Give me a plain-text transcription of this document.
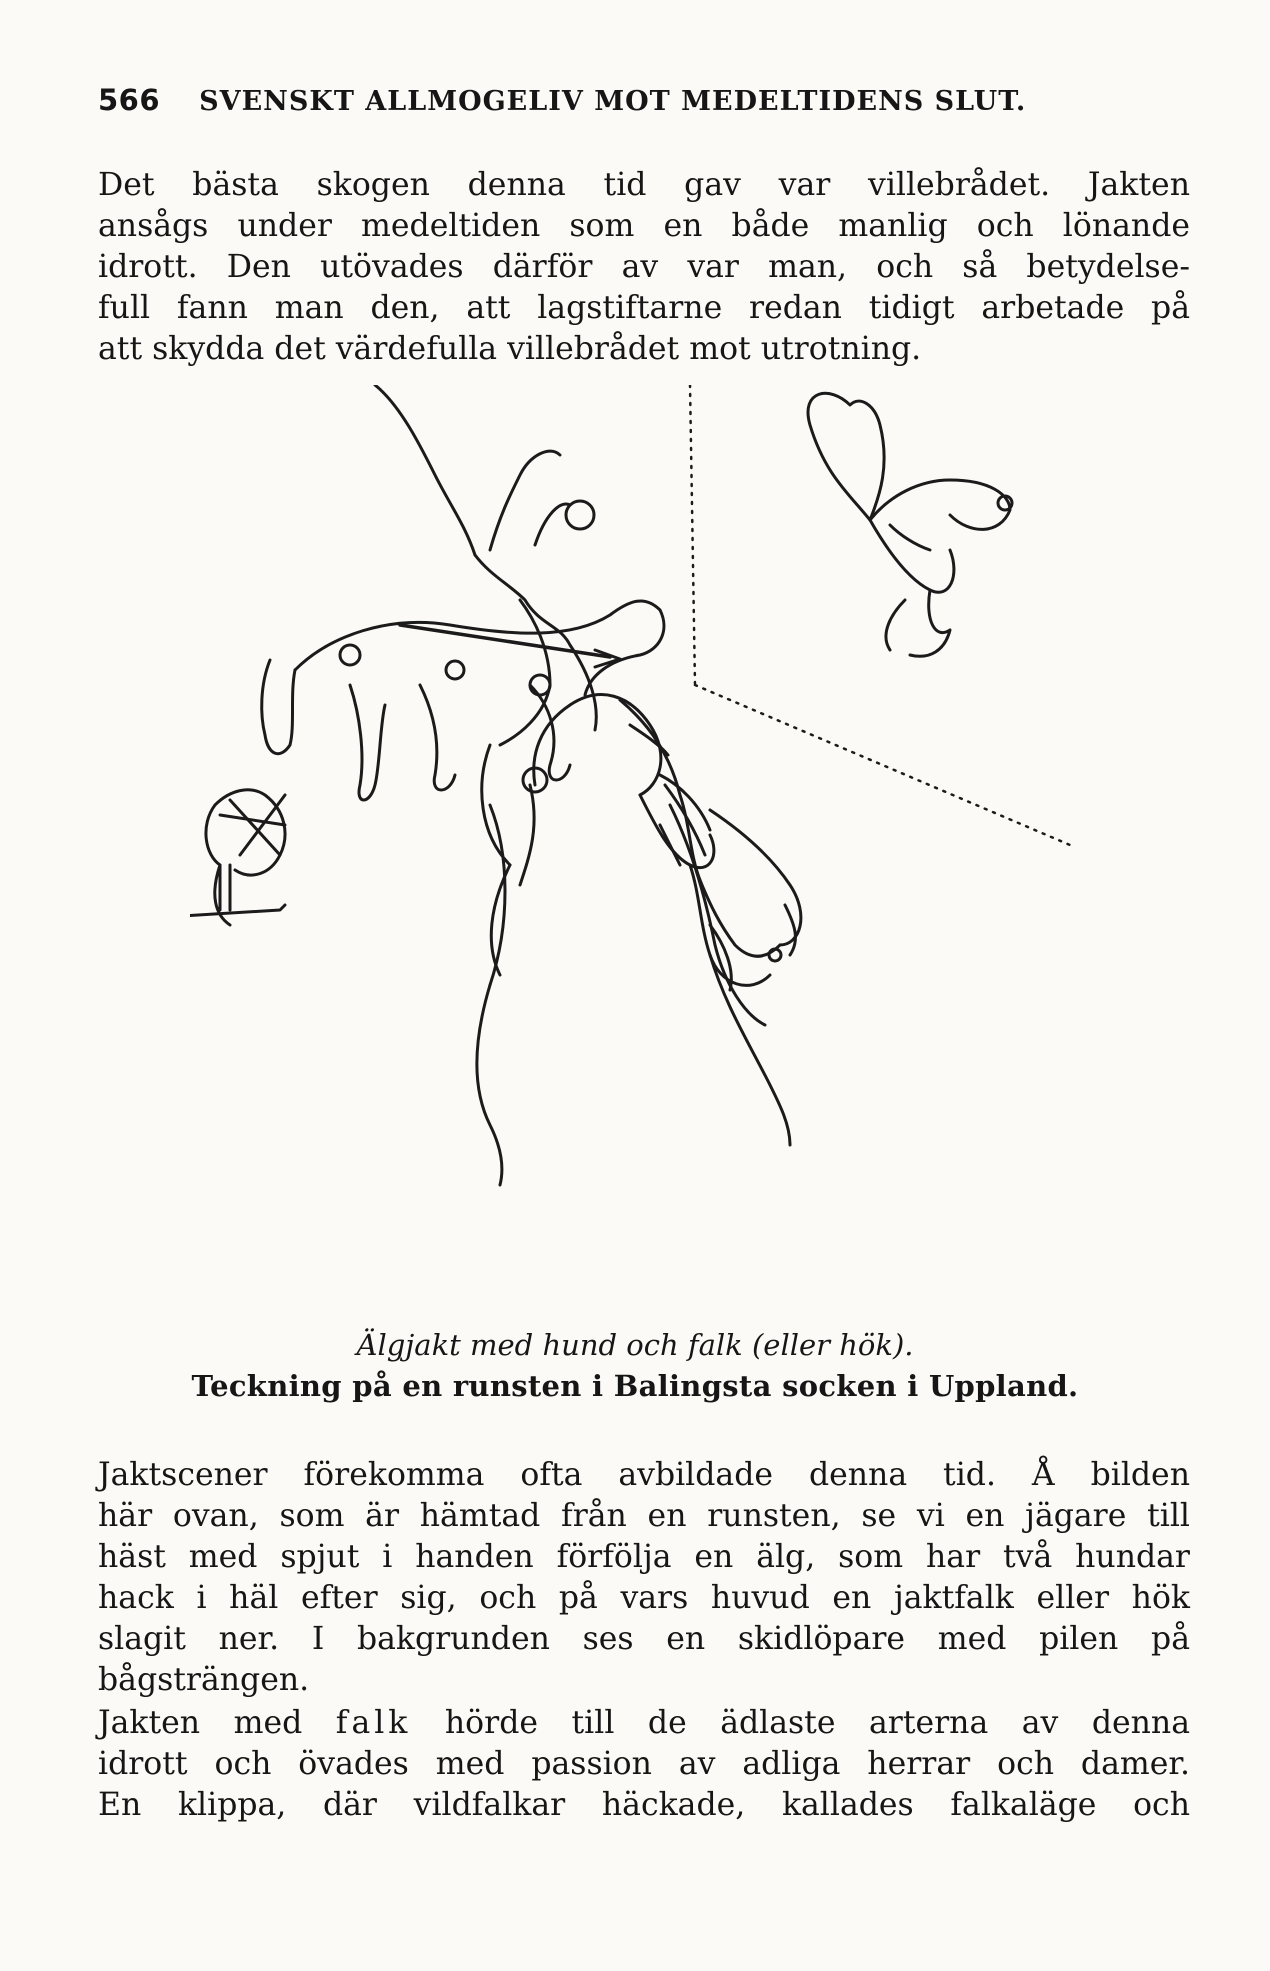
566 SVENSKT ALLMOGELIV MOT MEDELTIDENS SLUT.

Det bästa skogen denna tid gav var villebrådet. Jakten
ansågs under medeltiden som en både manlig och lönande
idrott. Den utövades därför av var man, och så betydelse-
full fann man den, att lagstiftarne redan tidigt arbetade på
att skydda det värdefulla villebrådet mot utrotning.

Älgjakt med hund och falk (eller hök).
Teckning på en runsten i Balingsta socken i Uppland.

Jaktscener förekomma ofta avbildade denna tid. Å bilden
här ovan, som är hämtad från en runsten, se vi en jägare till
häst med spjut i handen förfölja en älg, som har två hundar
hack i häl efter sig, och på vars huvud en jaktfalk eller hök
slagit ner. I bakgrunden ses en skidlöpare med pilen på
bågsträngen.

Jakten med falk hörde till de ädlaste arterna av denna
idrott och övades med passion av adliga herrar och damer.
En klippa, där vildfalkar häckade, kallades falkaläge och
